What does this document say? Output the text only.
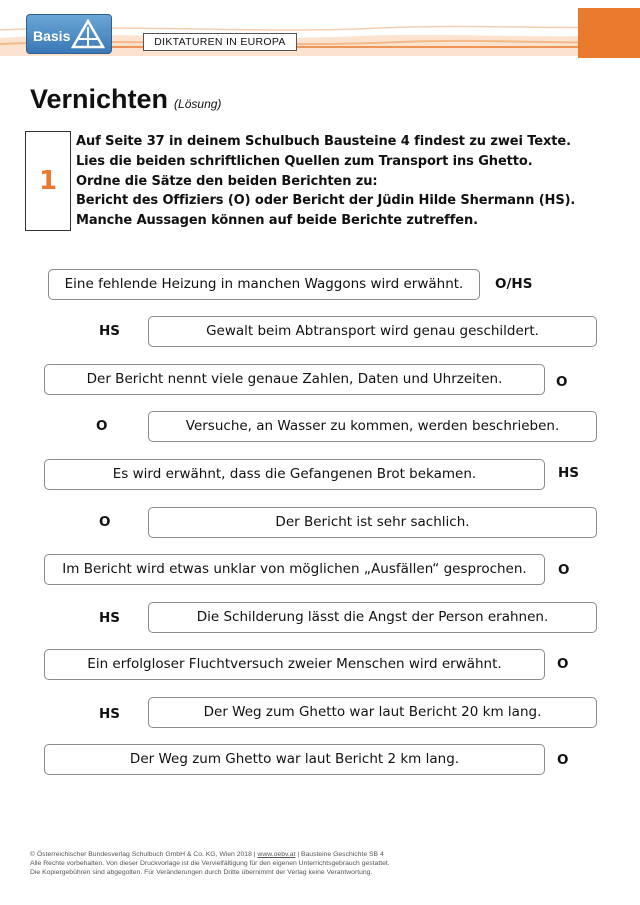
Basis	DIKTATUREN IN EUROPA
Vernichten (Lösung)
1
Auf Seite 37 in deinem Schulbuch Bausteine 4 findest zu zwei Texte.
Lies die beiden schriftlichen Quellen zum Transport ins Ghetto.
Ordne die Sätze den beiden Berichten zu:
Bericht des Offiziers (O) oder Bericht der Jüdin Hilde Shermann (HS).
Manche Aussagen können auf beide Berichte zutreffen.
Eine fehlende Heizung in manchen Waggons wird erwähnt.	O/HS
HS	Gewalt beim Abtransport wird genau geschildert.
Der Bericht nennt viele genaue Zahlen, Daten und Uhrzeiten.	O
O	Versuche, an Wasser zu kommen, werden beschrieben.
Es wird erwähnt, dass die Gefangenen Brot bekamen.	HS
O	Der Bericht ist sehr sachlich.
Im Bericht wird etwas unklar von möglichen „Ausfällen“ gesprochen.	O
HS	Die Schilderung lässt die Angst der Person erahnen.
Ein erfolgloser Fluchtversuch zweier Menschen wird erwähnt.	O
HS	Der Weg zum Ghetto war laut Bericht 20 km lang.
Der Weg zum Ghetto war laut Bericht 2 km lang.	O
© Österreichischer Bundesverlag Schulbuch GmbH & Co. KG, Wien 2018 | www.oebv.at | Bausteine Geschichte SB 4
Alle Rechte vorbehalten. Von dieser Druckvorlage ist die Vervielfältigung für den eigenen Unterrichtsgebrauch gestattet.
Die Kopiergebühren sind abgegolten. Für Veränderungen durch Dritte übernimmt der Verlag keine Verantwortung.
